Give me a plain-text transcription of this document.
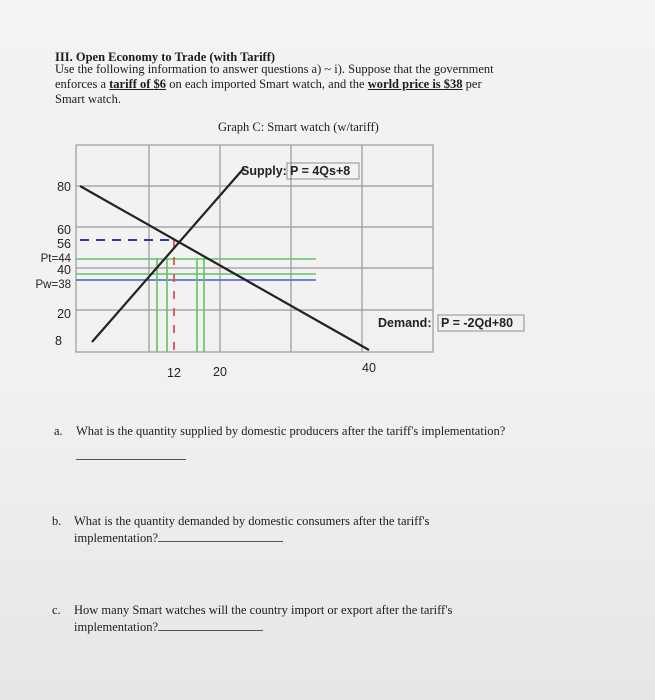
III. Open Economy to Trade (with Tariff)
Use the following information to answer questions a) ~ i). Suppose that the government
enforces a tariff of $6 on each imported Smart watch, and the world price is $38 per
Smart watch.
Graph C: Smart watch (w/tariff)
Supply: P = 4Qs+8
Demand: P = -2Qd+80
80
60
56
Pt=44
40
Pw=38
20
8
12	20	40
a. What is the quantity supplied by domestic producers after the tariff's implementation?
b. What is the quantity demanded by domestic consumers after the tariff's
implementation?
c. How many Smart watches will the country import or export after the tariff's
implementation?
